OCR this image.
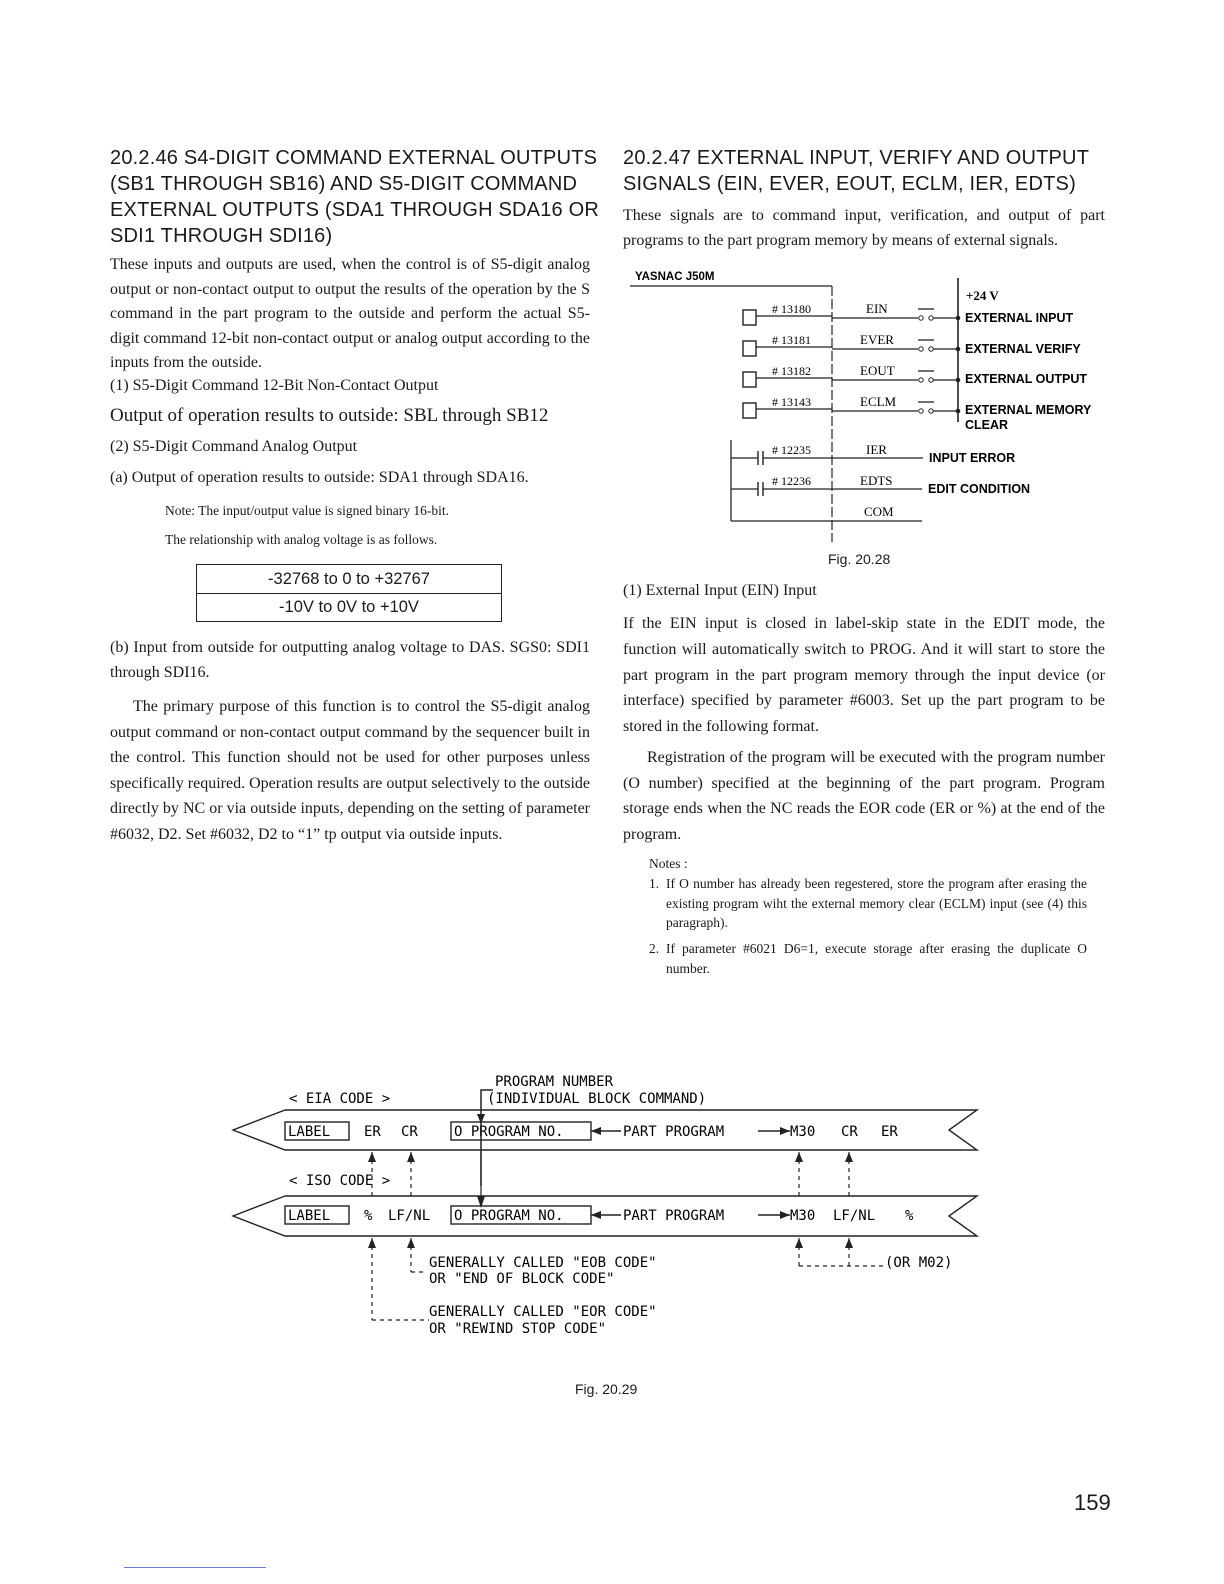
20.2.46 S4-DIGIT COMMAND EXTERNAL OUTPUTS
(SB1 THROUGH SB16) AND S5-DIGIT COMMAND
EXTERNAL OUTPUTS (SDA1 THROUGH SDA16 OR
SDI1 THROUGH SDI16)

These inputs and outputs are used, when the control is of S5-digit analog output or non-contact output to output the results of the operation by the S command in the part program to the outside and perform the actual S5-digit command 12-bit non-contact output or analog output according to the inputs from the outside.

(1) S5-Digit Command 12-Bit Non-Contact Output

Output of operation results to outside: SBL through SB12

(2) S5-Digit Command Analog Output

(a) Output of operation results to outside: SDA1 through SDA16.

Note: The input/output value is signed binary 16-bit.

The relationship with analog voltage is as follows.

-32768 to 0 to +32767
-10V to 0V to +10V

(b) Input from outside for outputting analog voltage to DAS. SGS0: SDI1 through SDI16.

The primary purpose of this function is to control the S5-digit analog output command or non-contact output command by the sequencer built in the control. This function should not be used for other purposes unless specifically required. Operation results are output selectively to the outside directly by NC or via outside inputs, depending on the setting of parameter #6032, D2. Set #6032, D2 to “1” tp output via outside inputs.

20.2.47 EXTERNAL INPUT, VERIFY AND OUTPUT
SIGNALS (EIN, EVER, EOUT, ECLM, IER, EDTS)

These signals are to command input, verification, and output of part programs to the part program memory by means of external signals.

YASNAC J50M
+24 V
# 13180	EIN
EXTERNAL INPUT
# 13181	EVER
EXTERNAL VERIFY
# 13182	EOUT
EXTERNAL OUTPUT
# 13143	ECLM
EXTERNAL MEMORY
CLEAR
# 12235	IER
INPUT ERROR
# 12236	EDTS
EDIT CONDITION
COM
Fig. 20.28

(1) External Input (EIN) Input

If the EIN input is closed in label-skip state in the EDIT mode, the function will automatically switch to PROG. And it will start to store the part program in the part program memory through the input device (or interface) specified by parameter #6003. Set up the part program to be stored in the following format.

Registration of the program will be executed with the program number (O number) specified at the beginning of the part program. Program storage ends when the NC reads the EOR code (ER or %) at the end of the program.

Notes :

1. If O number has already been regestered, store the program after erasing the existing program wiht the external memory clear (ECLM) input (see (4) this paragraph).
2. If parameter #6021 D6=1, execute storage after erasing the duplicate O number.
PROGRAM NUMBER
(INDIVIDUAL BLOCK COMMAND)
< EIA CODE >
LABEL ER CR	O PROGRAM NO.	PART PROGRAM	M30 CR ER
< ISO CODE >
LABEL % LF/NL O PROGRAM NO.	PART PROGRAM	M30 LF/NL %
GENERALLY CALLED "EOB CODE"
OR "END OF BLOCK CODE"
(OR M02)
GENERALLY CALLED "EOR CODE"
OR "REWIND STOP CODE"
Fig. 20.29
159
